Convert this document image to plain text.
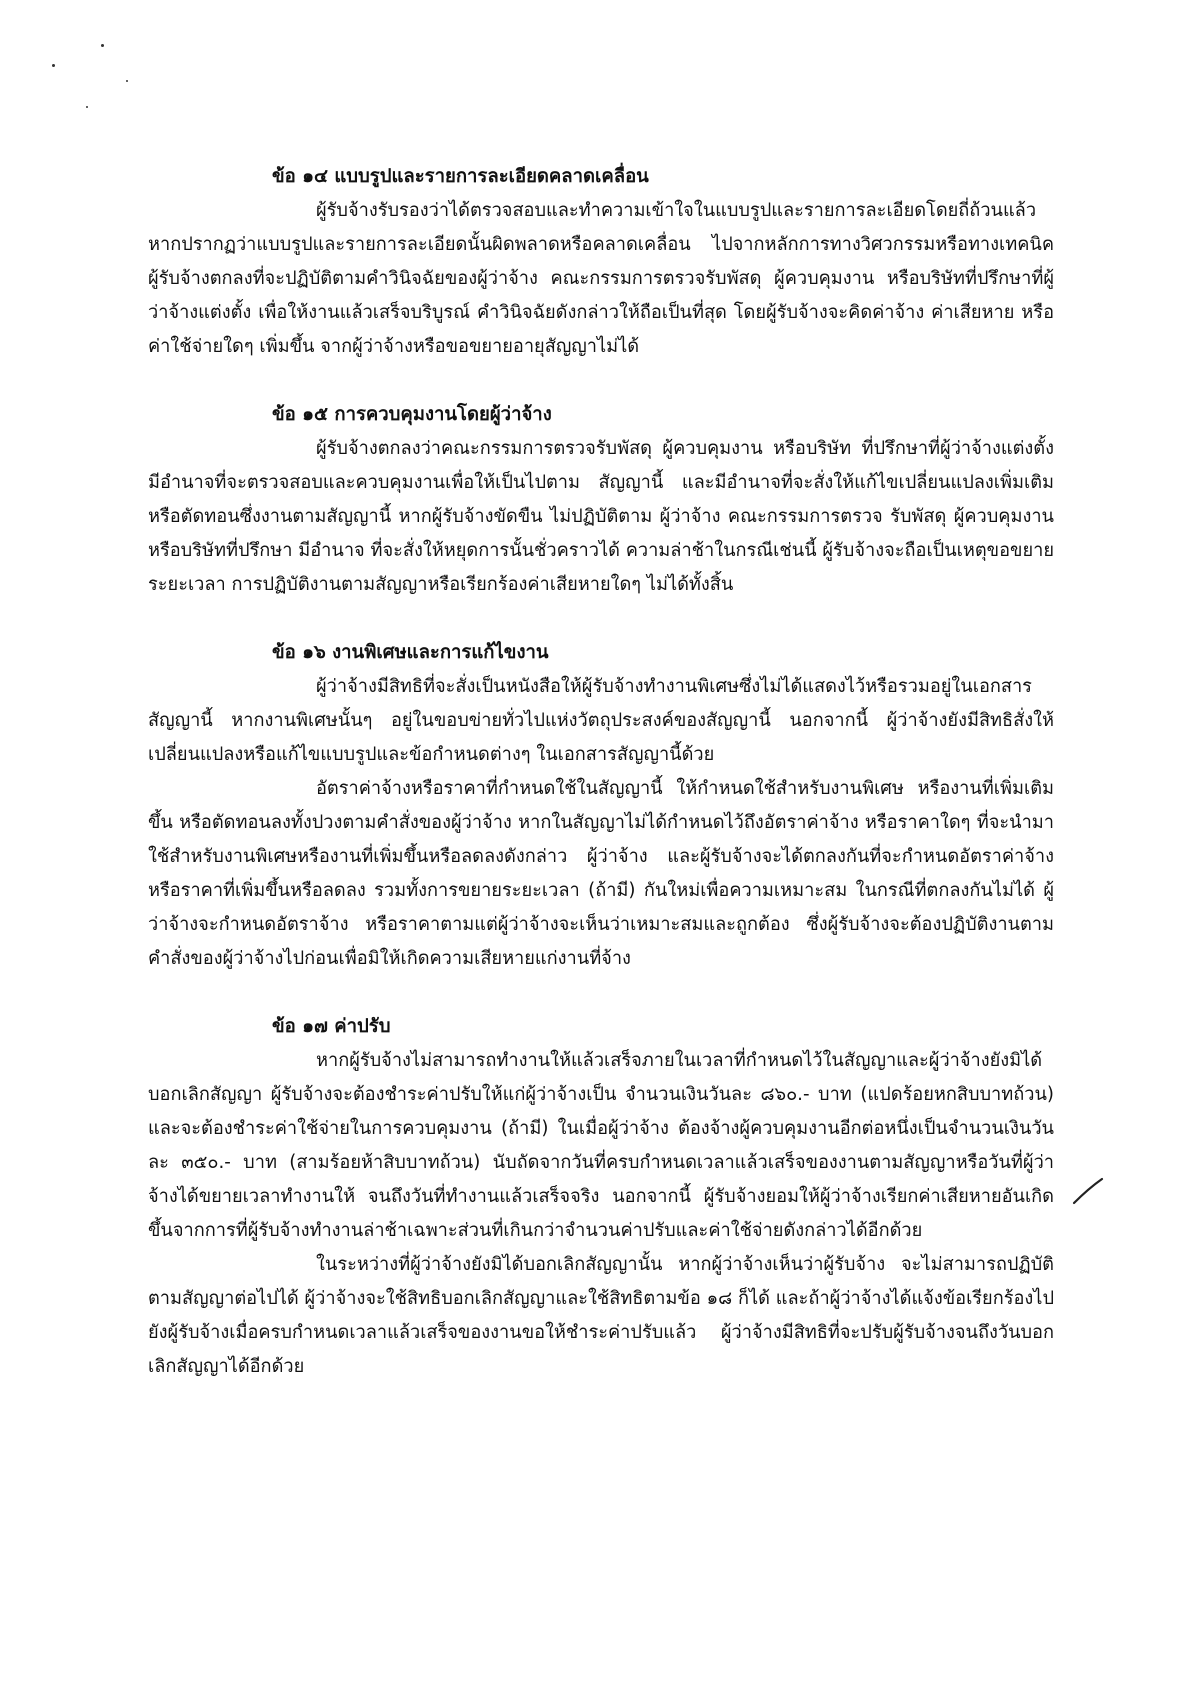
ข้อ ๑๔ แบบรูปและรายการละเอียดคลาดเคลื่อน

ผู้รับจ้างรับรองว่าได้ตรวจสอบและทำความเข้าใจในแบบรูปและรายการละเอียดโดยถี่ถ้วนแล้ว หากปรากฏว่าแบบรูปและรายการละเอียดนั้นผิดพลาดหรือคลาดเคลื่อน ไปจากหลักการทางวิศวกรรมหรือทางเทคนิค ผู้รับจ้างตกลงที่จะปฏิบัติตามคำวินิจฉัยของผู้ว่าจ้าง คณะกรรมการตรวจรับพัสดุ ผู้ควบคุมงาน หรือบริษัทที่ปรึกษาที่ผู้ว่าจ้างแต่งตั้ง เพื่อให้งานแล้วเสร็จบริบูรณ์ คำวินิจฉัยดังกล่าวให้ถือเป็นที่สุด โดยผู้รับจ้างจะคิดค่าจ้าง ค่าเสียหาย หรือค่าใช้จ่ายใดๆ เพิ่มขึ้น จากผู้ว่าจ้างหรือขอขยายอายุสัญญาไม่ได้

ข้อ ๑๕ การควบคุมงานโดยผู้ว่าจ้าง

ผู้รับจ้างตกลงว่าคณะกรรมการตรวจรับพัสดุ ผู้ควบคุมงาน หรือบริษัท ที่ปรึกษาที่ผู้ว่าจ้างแต่งตั้ง มีอำนาจที่จะตรวจสอบและควบคุมงานเพื่อให้เป็นไปตาม สัญญานี้ และมีอำนาจที่จะสั่งให้แก้ไขเปลี่ยนแปลงเพิ่มเติม หรือตัดทอนซึ่งงานตามสัญญานี้ หากผู้รับจ้างขัดขืน ไม่ปฏิบัติตาม ผู้ว่าจ้าง คณะกรรมการตรวจ รับพัสดุ ผู้ควบคุมงาน หรือบริษัทที่ปรึกษา มีอำนาจ ที่จะสั่งให้หยุดการนั้นชั่วคราวได้ ความล่าช้าในกรณีเช่นนี้ ผู้รับจ้างจะถือเป็นเหตุขอขยายระยะเวลา การปฏิบัติงานตามสัญญาหรือเรียกร้องค่าเสียหายใดๆ ไม่ได้ทั้งสิ้น

ข้อ ๑๖ งานพิเศษและการแก้ไขงาน

ผู้ว่าจ้างมีสิทธิที่จะสั่งเป็นหนังสือให้ผู้รับจ้างทำงานพิเศษซึ่งไม่ได้แสดงไว้หรือรวมอยู่ในเอกสารสัญญานี้ หากงานพิเศษนั้นๆ อยู่ในขอบข่ายทั่วไปแห่งวัตถุประสงค์ของสัญญานี้ นอกจากนี้ ผู้ว่าจ้างยังมีสิทธิสั่งให้เปลี่ยนแปลงหรือแก้ไขแบบรูปและข้อกำหนดต่างๆ ในเอกสารสัญญานี้ด้วย

อัตราค่าจ้างหรือราคาที่กำหนดใช้ในสัญญานี้ ให้กำหนดใช้สำหรับงานพิเศษ หรืองานที่เพิ่มเติมขึ้น หรือตัดทอนลงทั้งปวงตามคำสั่งของผู้ว่าจ้าง หากในสัญญาไม่ได้กำหนดไว้ถึงอัตราค่าจ้าง หรือราคาใดๆ ที่จะนำมาใช้สำหรับงานพิเศษหรืองานที่เพิ่มขึ้นหรือลดลงดังกล่าว ผู้ว่าจ้าง และผู้รับจ้างจะได้ตกลงกันที่จะกำหนดอัตราค่าจ้างหรือราคาที่เพิ่มขึ้นหรือลดลง รวมทั้งการขยายระยะเวลา (ถ้ามี) กันใหม่เพื่อความเหมาะสม ในกรณีที่ตกลงกันไม่ได้ ผู้ว่าจ้างจะกำหนดอัตราจ้าง หรือราคาตามแต่ผู้ว่าจ้างจะเห็นว่าเหมาะสมและถูกต้อง ซึ่งผู้รับจ้างจะต้องปฏิบัติงานตามคำสั่งของผู้ว่าจ้างไปก่อนเพื่อมิให้เกิดความเสียหายแก่งานที่จ้าง

ข้อ ๑๗ ค่าปรับ

หากผู้รับจ้างไม่สามารถทำงานให้แล้วเสร็จภายในเวลาที่กำหนดไว้ในสัญญาและผู้ว่าจ้างยังมิได้บอกเลิกสัญญา ผู้รับจ้างจะต้องชำระค่าปรับให้แก่ผู้ว่าจ้างเป็น จำนวนเงินวันละ ๘๖๐.- บาท (แปดร้อยหกสิบบาทถ้วน) และจะต้องชำระค่าใช้จ่ายในการควบคุมงาน (ถ้ามี) ในเมื่อผู้ว่าจ้าง ต้องจ้างผู้ควบคุมงานอีกต่อหนึ่งเป็นจำนวนเงินวันละ ๓๕๐.- บาท (สามร้อยห้าสิบบาทถ้วน) นับถัดจากวันที่ครบกำหนดเวลาแล้วเสร็จของงานตามสัญญาหรือวันที่ผู้ว่าจ้างได้ขยายเวลาทำงานให้ จนถึงวันที่ทำงานแล้วเสร็จจริง นอกจากนี้ ผู้รับจ้างยอมให้ผู้ว่าจ้างเรียกค่าเสียหายอันเกิดขึ้นจากการที่ผู้รับจ้างทำงานล่าช้าเฉพาะส่วนที่เกินกว่าจำนวนค่าปรับและค่าใช้จ่ายดังกล่าวได้อีกด้วย

ในระหว่างที่ผู้ว่าจ้างยังมิได้บอกเลิกสัญญานั้น หากผู้ว่าจ้างเห็นว่าผู้รับจ้าง จะไม่สามารถปฏิบัติตามสัญญาต่อไปได้ ผู้ว่าจ้างจะใช้สิทธิบอกเลิกสัญญาและใช้สิทธิตามข้อ ๑๘ ก็ได้ และถ้าผู้ว่าจ้างได้แจ้งข้อเรียกร้องไปยังผู้รับจ้างเมื่อครบกำหนดเวลาแล้วเสร็จของงานขอให้ชำระค่าปรับแล้ว ผู้ว่าจ้างมีสิทธิที่จะปรับผู้รับจ้างจนถึงวันบอกเลิกสัญญาได้อีกด้วย
